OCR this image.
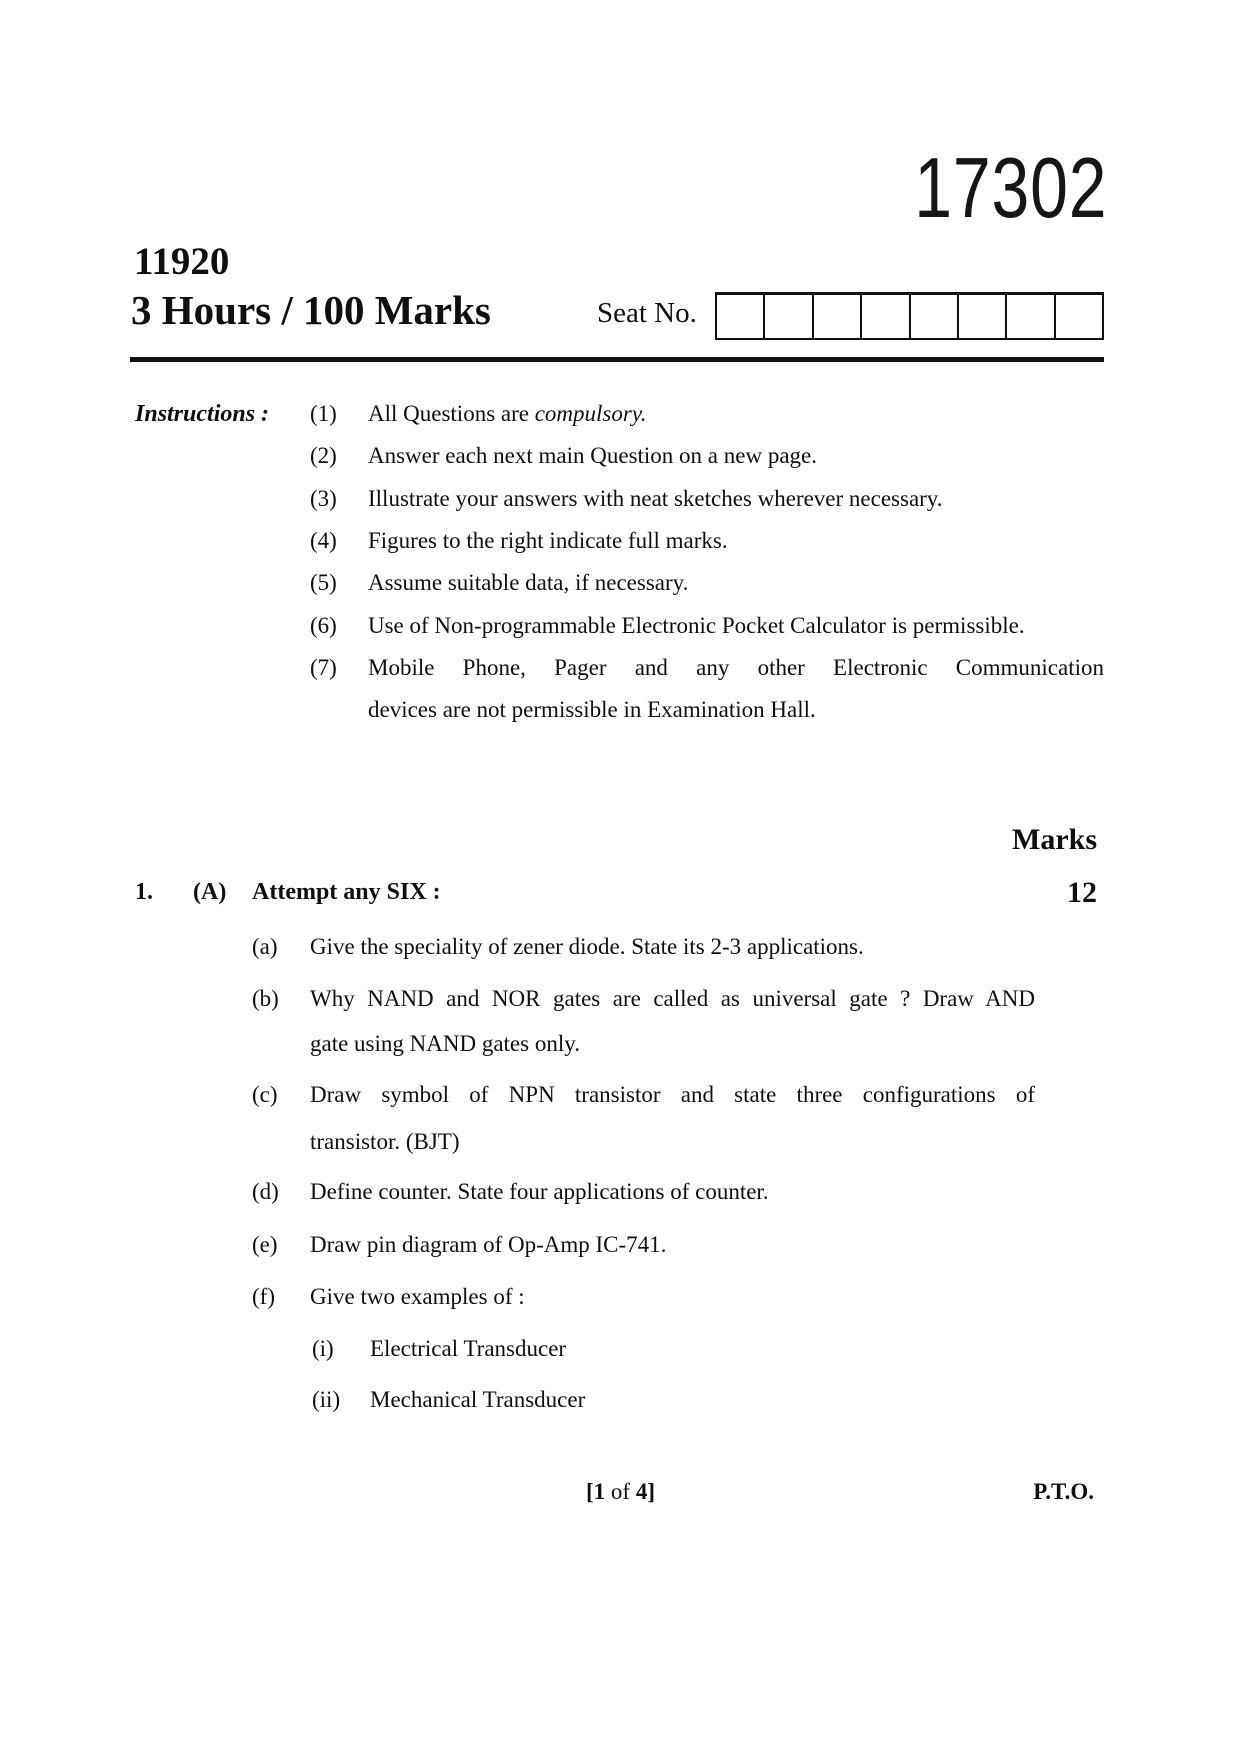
17302
11920
3 Hours / 100 Marks	Seat No.
Instructions : (1) All Questions are compulsory.
(2) Answer each next main Question on a new page.
(3) Illustrate your answers with neat sketches wherever necessary.
(4) Figures to the right indicate full marks.
(5) Assume suitable data, if necessary.
(6) Use of Non-programmable Electronic Pocket Calculator is permissible.
(7) Mobile Phone, Pager and any other Electronic Communication
devices are not permissible in Examination Hall.
Marks
1. (A) Attempt any SIX :	12
(a) Give the speciality of zener diode. State its 2-3 applications.
(b) Why NAND and NOR gates are called as universal gate ? Draw AND
gate using NAND gates only.
(c) Draw symbol of NPN transistor and state three configurations of
transistor. (BJT)
(d) Define counter. State four applications of counter.
(e) Draw pin diagram of Op-Amp IC-741.
(f) Give two examples of :
(i) Electrical Transducer
(ii) Mechanical Transducer
[1 of 4]	P.T.O.
